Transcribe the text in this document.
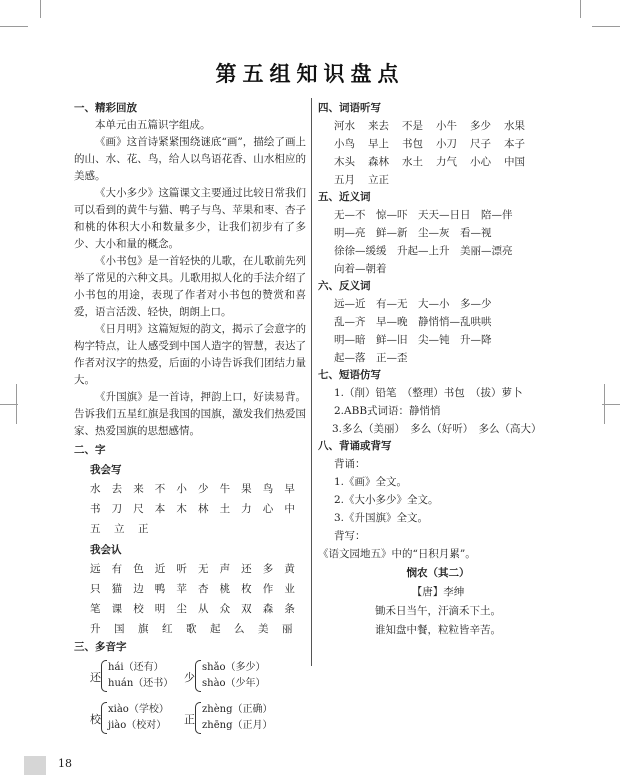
第五组知识盘点

一、精彩回放

本单元由五篇识字组成。

《画》这首诗紧紧围绕谜底“画”，描绘了画上的山、水、花、鸟，给人以鸟语花香、山水相应的美感。

《大小多少》这篇课文主要通过比较日常我们可以看到的黄牛与猫、鸭子与鸟、苹果和枣、杏子和桃的体积大小和数量多少，让我们初步有了多少、大小和量的概念。

《小书包》是一首轻快的儿歌，在儿歌前先列举了常见的六种文具。儿歌用拟人化的手法介绍了小书包的用途，表现了作者对小书包的赞赏和喜爱，语言活泼、轻快，朗朗上口。

《日月明》这篇短短的韵文，揭示了会意字的构字特点，让人感受到中国人造字的智慧，表达了作者对汉字的热爱，后面的小诗告诉我们团结力量大。

《升国旗》是一首诗，押韵上口，好读易背。告诉我们五星红旗是我国的国旗，激发我们热爱国家、热爱国旗的思想感情。

二、字

我会写

水	去	来	不	小	少	牛	果	鸟	早
书	刀	尺	本	木	林	土	力	心	中
五	立	正

我会认

远	有	色	近	听	无	声	还	多	黄
只	猫	边	鸭	苹	杏	桃	枚	作	业
笔	课	校	明	尘	从	众	双	森	条
升	国	旗	红	歌	起	么	美	丽

三、多音字

还
hái（还有）
huán（还书） 少
shǎo（多少）
shào（少年）
校
xiào（学校）
jiào（校对） 正
zhèng（正确）
zhēng（正月）

四、词语听写

河水	来去	不是	小牛	多少	水果
小鸟	早上	书包	小刀	尺子	本子
木头	森林	水土	力气	小心	中国
五月	立正

五、近义词

无—不　惊—吓　天天—日日　陪—伴

明—亮　鲜—新　尘—灰　看—视

徐徐—缓缓　升起—上升　美丽—漂亮

向着—朝着

六、反义词

远—近　有—无　大—小　多—少

乱—齐　早—晚　静悄悄—乱哄哄

明—暗　鲜—旧　尖—钝　升—降

起—落　正—歪

七、短语仿写

1.（削）铅笔　（整理）书包　（拔）萝卜

2.ABB式词语：静悄悄

3.多么（美丽）　多么（好听）　多么（高大）

八、背诵或背写

背诵：

1.《画》全文。

2.《大小多少》全文。

3.《升国旗》全文。

背写：

《语文园地五》中的“日积月累”。

悯农（其二）
【唐】李绅
锄禾日当午，汗滴禾下土。
谁知盘中餐，粒粒皆辛苦。
18
